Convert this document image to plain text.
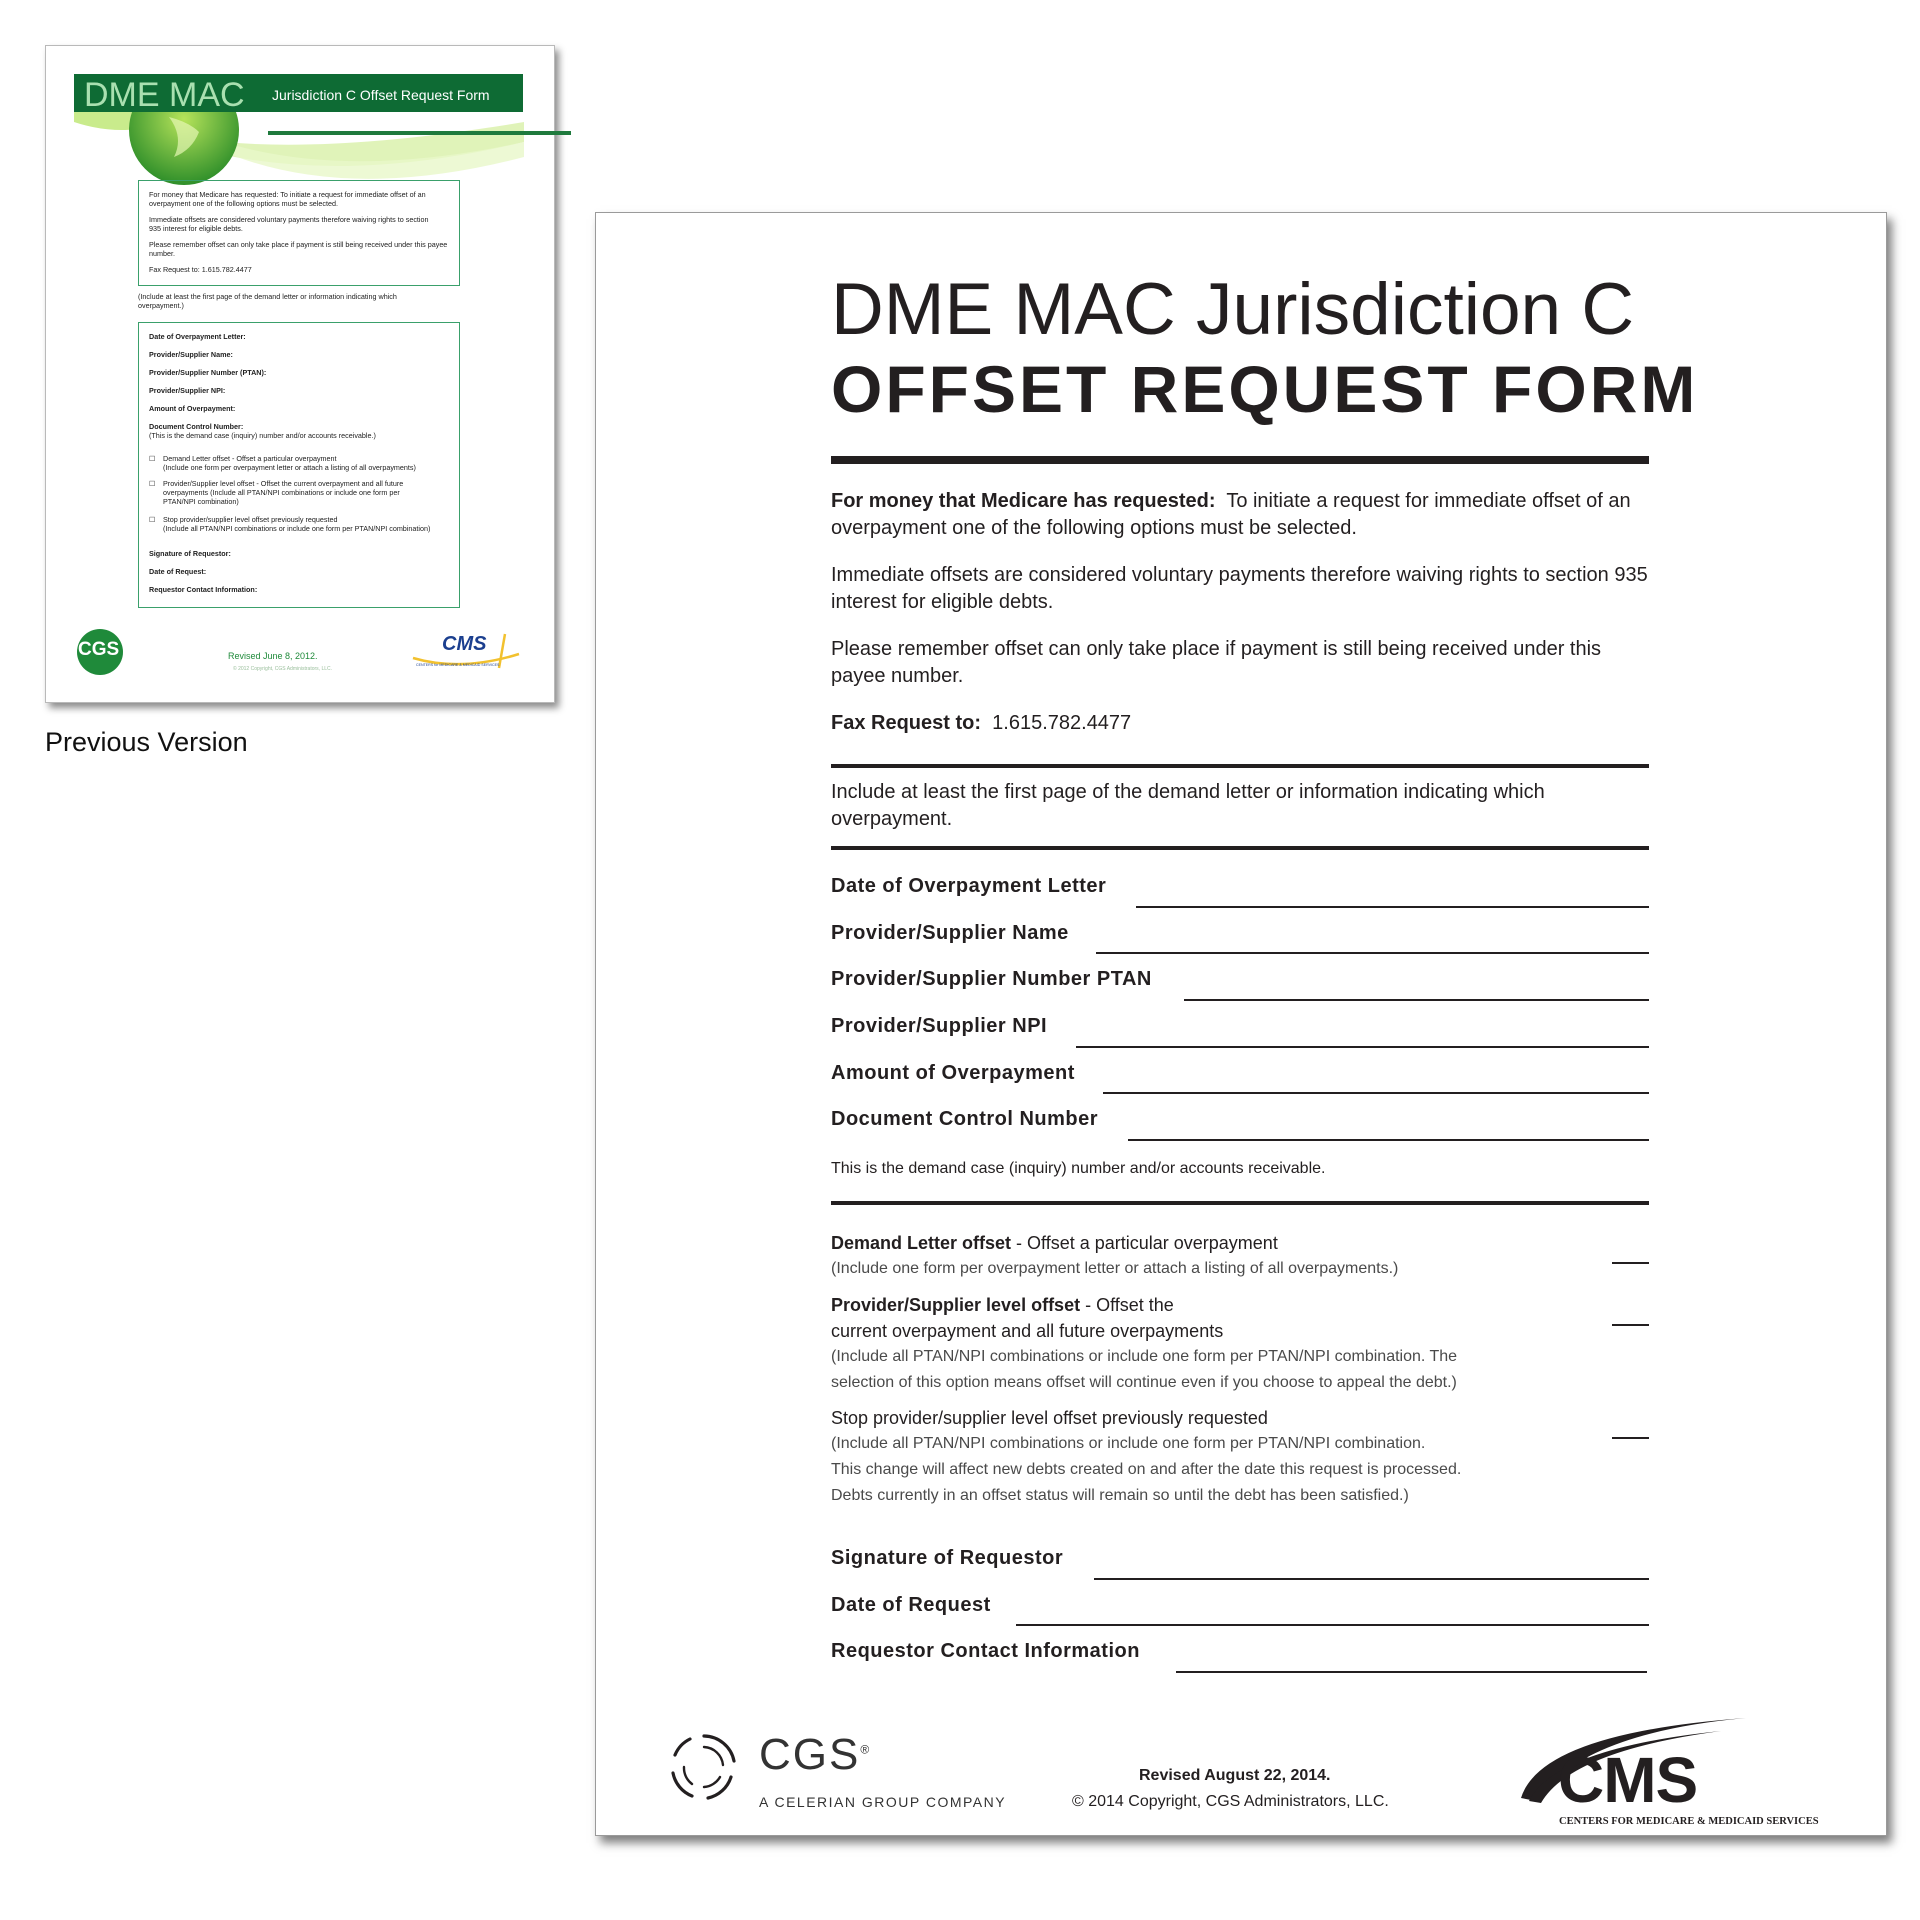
DME MAC Jurisdiction C Offset Request Form
For money that Medicare has requested: To initiate a request for immediate offset of an overpayment one of the following options must be selected.
Immediate offsets are considered voluntary payments therefore waiving rights to section 935 interest for eligible debts.
Please remember offset can only take place if payment is still being received under this payee number.
Fax Request to: 1.615.782.4477
(Include at least the first page of the demand letter or information indicating which overpayment.)
Date of Overpayment Letter:
Provider/Supplier Name:
Provider/Supplier Number (PTAN):
Provider/Supplier NPI:
Amount of Overpayment:
Document Control Number:
(This is the demand case (inquiry) number and/or accounts receivable.)
☐ Demand Letter offset - Offset a particular overpayment
(Include one form per overpayment letter or attach a listing of all overpayments)
☐ Provider/Supplier level offset - Offset the current overpayment and all future
overpayments (Include all PTAN/NPI combinations or include one form per
PTAN/NPI combination)
☐ Stop provider/supplier level offset previously requested
(Include all PTAN/NPI combinations or include one form per PTAN/NPI combination)
Signature of Requestor:
Date of Request:
Requestor Contact Information:
CGS	Revised June 8, 2012.
© 2012 Copyright, CGS Administrators, LLC.
CMS
CENTERS for MEDICARE & MEDICAID SERVICES
Previous Version
DME MAC Jurisdiction C
OFFSET REQUEST FORM
For money that Medicare has requested: To initiate a request for immediate offset of an overpayment one of the following options must be selected.
Immediate offsets are considered voluntary payments therefore waiving rights to section 935 interest for eligible debts.
Please remember offset can only take place if payment is still being received under this payee number.
Fax Request to: 1.615.782.4477
Include at least the first page of the demand letter or information indicating which overpayment.
Date of Overpayment Letter
Provider/Supplier Name
Provider/Supplier Number PTAN
Provider/Supplier NPI
Amount of Overpayment
Document Control Number
This is the demand case (inquiry) number and/or accounts receivable.
Demand Letter offset - Offset a particular overpayment
(Include one form per overpayment letter or attach a listing of all overpayments.)
Provider/Supplier level offset - Offset the
current overpayment and all future overpayments
(Include all PTAN/NPI combinations or include one form per PTAN/NPI combination. The
selection of this option means offset will continue even if you choose to appeal the debt.)
Stop provider/supplier level offset previously requested
(Include all PTAN/NPI combinations or include one form per PTAN/NPI combination.
This change will affect new debts created on and after the date this request is processed.
Debts currently in an offset status will remain so until the debt has been satisfied.)
Signature of Requestor
Date of Request
Requestor Contact Information
CGS®
A CELERIAN GROUP COMPANY
Revised August 22, 2014.
© 2014 Copyright, CGS Administrators, LLC.	CMS
CENTERS FOR MEDICARE & MEDICAID SERVICES
